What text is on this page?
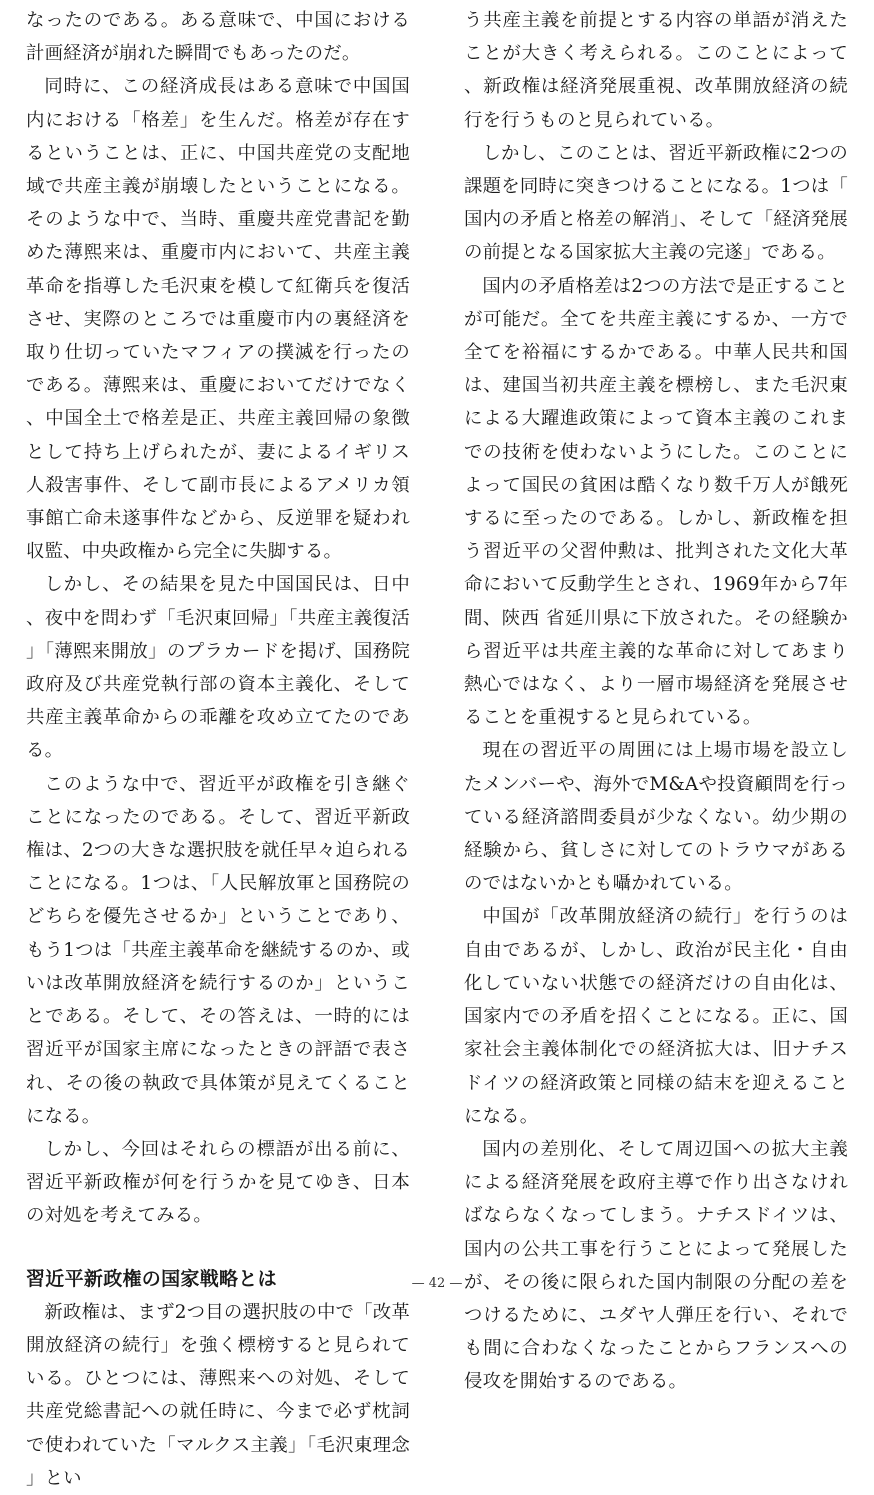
なったのである。ある意味で、中国における計画経済が崩れた瞬間でもあったのだ。

同時に、この経済成長はある意味で中国国内における「格差」を生んだ。格差が存在するということは、正に、中国共産党の支配地域で共産主義が崩壊したということになる。そのような中で、当時、重慶共産党書記を勤めた薄熙来は、重慶市内において、共産主義革命を指導した毛沢東を模して紅衛兵を復活させ、実際のところでは重慶市内の裏経済を取り仕切っていたマフィアの撲滅を行ったのである。薄熙来は、重慶においてだけでなく、中国全土で格差是正、共産主義回帰の象徴として持ち上げられたが、妻によるイギリス人殺害事件、そして副市長によるアメリカ領事館亡命未遂事件などから、反逆罪を疑われ収監、中央政権から完全に失脚する。

しかし、その結果を見た中国国民は、日中、夜中を問わず「毛沢東回帰」「共産主義復活」「薄熙来開放」のプラカードを掲げ、国務院政府及び共産党執行部の資本主義化、そして共産主義革命からの乖離を攻め立てたのである。

このような中で、習近平が政権を引き継ぐことになったのである。そして、習近平新政権は、2つの大きな選択肢を就任早々迫られることになる。1つは、「人民解放軍と国務院のどちらを優先させるか」ということであり、もう1つは「共産主義革命を継続するのか、或いは改革開放経済を続行するのか」ということである。そして、その答えは、一時的には習近平が国家主席になったときの評語で表され、その後の執政で具体策が見えてくることになる。

しかし、今回はそれらの標語が出る前に、習近平新政権が何を行うかを見てゆき、日本の対処を考えてみる。

習近平新政権の国家戦略とは

新政権は、まず2つ目の選択肢の中で「改革開放経済の続行」を強く標榜すると見られている。ひとつには、薄熙来への対処、そして共産党総書記への就任時に、今まで必ず枕詞で使われていた「マルクス主義」「毛沢東理念」とい

う共産主義を前提とする内容の単語が消えたことが大きく考えられる。このことによって、新政権は経済発展重視、改革開放経済の続行を行うものと見られている。

しかし、このことは、習近平新政権に2つの課題を同時に突きつけることになる。1つは「国内の矛盾と格差の解消」、そして「経済発展の前提となる国家拡大主義の完遂」である。

国内の矛盾格差は2つの方法で是正することが可能だ。全てを共産主義にするか、一方で全てを裕福にするかである。中華人民共和国は、建国当初共産主義を標榜し、また毛沢東による大躍進政策によって資本主義のこれまでの技術を使わないようにした。このことによって国民の貧困は酷くなり数千万人が餓死するに至ったのである。しかし、新政権を担う習近平の父習仲勲は、批判された文化大革命において反動学生とされ、1969年から7年間、陝西 省延川県に下放された。その経験から習近平は共産主義的な革命に対してあまり熱心ではなく、より一層市場経済を発展させることを重視すると見られている。

現在の習近平の周囲には上場市場を設立したメンバーや、海外でM&Aや投資顧問を行っている経済諮問委員が少なくない。幼少期の経験から、貧しさに対してのトラウマがあるのではないかとも囁かれている。

中国が「改革開放経済の続行」を行うのは自由であるが、しかし、政治が民主化・自由化していない状態での経済だけの自由化は、国家内での矛盾を招くことになる。正に、国家社会主義体制化での経済拡大は、旧ナチスドイツの経済政策と同様の結末を迎えることになる。

国内の差別化、そして周辺国への拡大主義による経済発展を政府主導で作り出さなければならなくなってしまう。ナチスドイツは、国内の公共工事を行うことによって発展したが、その後に限られた国内制限の分配の差をつけるために、ユダヤ人弾圧を行い、それでも間に合わなくなったことからフランスへの侵攻を開始するのである。

— 42 —
